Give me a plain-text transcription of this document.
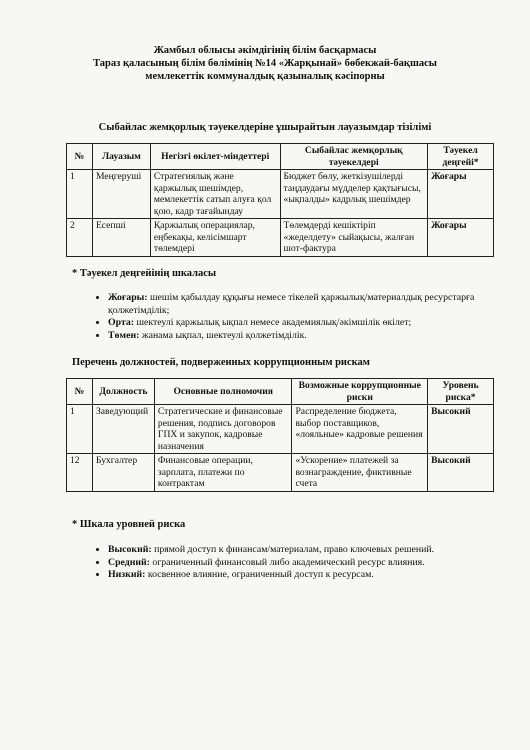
Жамбыл облысы әкімдігінің білім басқармасы
Тараз қаласының білім бөлімінің №14 «Жарқынай» бөбекжай-бақшасы
мемлекеттік коммуналдық қазыналық кәсіпорны
Сыбайлас жемқорлық тәуекелдеріне ұшырайтын лауазымдар тізілімі
№	Лауазым	Негізгі өкілет-міндеттері	Сыбайлас жемқорлық тәуекелдері	Тәуекел деңгейі*
1	Меңгеруші	Стратегиялық және қаржылық шешімдер, мемлекеттік сатып алуға қол қою, кадр тағайындау	Бюджет бөлу, жеткізушілерді таңдаудағы мүдделер қақтығысы, «ықпалды» кадрлық шешімдер	Жоғары
2	Есепші	Қаржылық операциялар, еңбекақы, келісімшарт төлемдері	Төлемдерді кешіктіріп «жеделдету» сыйақысы, жалған шот-фактура	Жоғары
* Тәуекел деңгейінің шкаласы
• Жоғары: шешім қабылдау құқығы немесе тікелей қаржылық/материалдық ресурстарға қолжетімділік;
• Орта: шектеулі қаржылық ықпал немесе академиялық/әкімшілік өкілет;
• Төмен: жанама ықпал, шектеулі қолжетімділік.
Перечень должностей, подверженных коррупционным рискам
№	Должность	Основные полномочия	Возможные коррупционные риски	Уровень риска*
1	Заведующий	Стратегические и финансовые решения, подпись договоров ГПХ и закупок, кадровые назначения	Распределение бюджета, выбор поставщиков, «лояльные» кадровые решения	Высокий
12	Бухгалтер	Финансовые операции, зарплата, платежи по контрактам	«Ускорение» платежей за вознаграждение, фиктивные счета	Высокий
* Шкала уровней риска
• Высокий: прямой доступ к финансам/материалам, право ключевых решений.
• Средний: ограниченный финансовый либо академический ресурс влияния.
• Низкий: косвенное влияние, ограниченный доступ к ресурсам.
